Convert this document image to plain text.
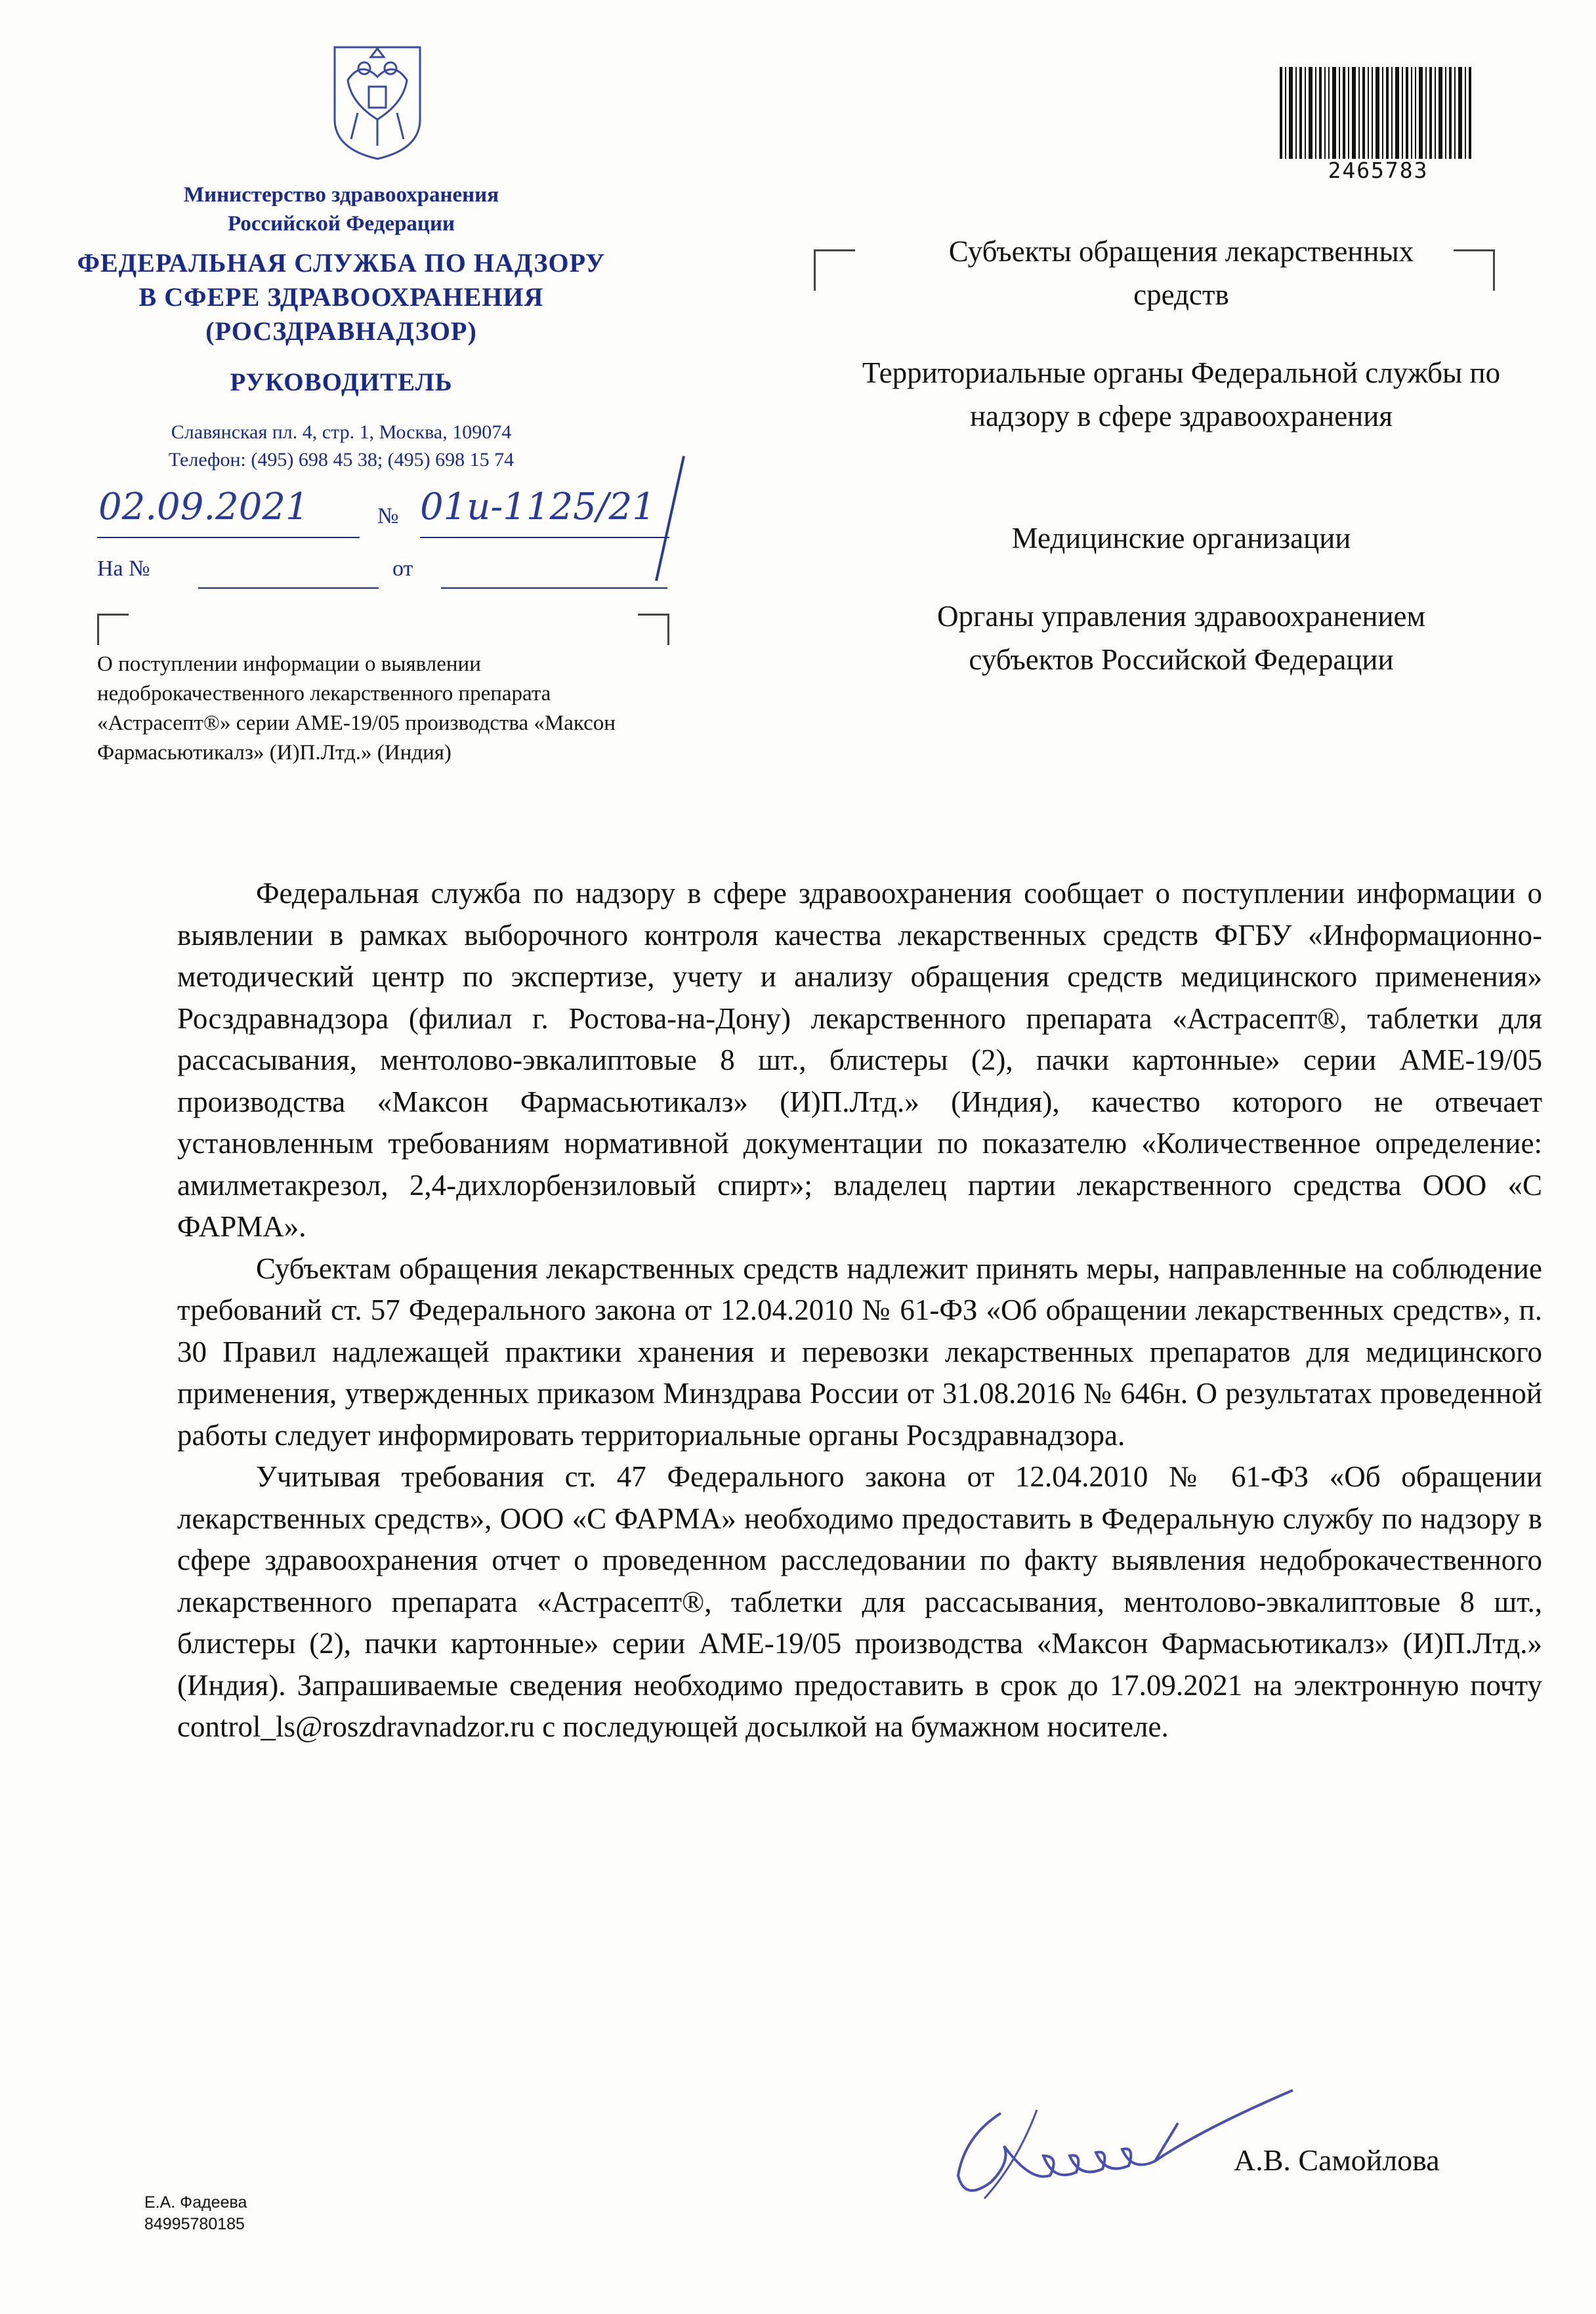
Министерство здравоохранения
Российской Федерации
ФЕДЕРАЛЬНАЯ СЛУЖБА ПО НАДЗОРУ
В СФЕРЕ ЗДРАВООХРАНЕНИЯ
(РОСЗДРАВНАДЗОР)
РУКОВОДИТЕЛЬ
Славянская пл. 4, стр. 1, Москва, 109074
Телефон: (495) 698 45 38; (495) 698 15 74
02.09.2021	№ 01и-1125/21
На №	от
О поступлении информации о выявлении недоброкачественного лекарственного препарата «Астрасепт®» серии AME-19/05 производства «Максон Фармасьютикалз» (И)П.Лтд.» (Индия)
2465783
Субъекты обращения лекарственных средств
Территориальные органы Федеральной службы по надзору в сфере здравоохранения
Медицинские организации
Органы управления здравоохранением субъектов Российской Федерации

Федеральная служба по надзору в сфере здравоохранения сообщает о поступлении информации о выявлении в рамках выборочного контроля качества лекарственных средств ФГБУ «Информационно-методический центр по экспертизе, учету и анализу обращения средств медицинского применения» Росздравнадзора (филиал г. Ростова-на-Дону) лекарственного препарата «Астрасепт®, таблетки для рассасывания, ментолово-эвкалиптовые 8 шт., блистеры (2), пачки картонные» серии AME-19/05 производства «Максон Фармасьютикалз» (И)П.Лтд.» (Индия), качество которого не отвечает установленным требованиям нормативной документации по показателю «Количественное определение: амилметакрезол, 2,4-дихлорбензиловый спирт»; владелец партии лекарственного средства ООО «С ФАРМА».

Субъектам обращения лекарственных средств надлежит принять меры, направленные на соблюдение требований ст. 57 Федерального закона от 12.04.2010 № 61-ФЗ «Об обращении лекарственных средств», п. 30 Правил надлежащей практики хранения и перевозки лекарственных препаратов для медицинского применения, утвержденных приказом Минздрава России от 31.08.2016 № 646н. О результатах проведенной работы следует информировать территориальные органы Росздравнадзора.

Учитывая требования ст. 47 Федерального закона от 12.04.2010 № 61-ФЗ «Об обращении лекарственных средств», ООО «С ФАРМА» необходимо предоставить в Федеральную службу по надзору в сфере здравоохранения отчет о проведенном расследовании по факту выявления недоброкачественного лекарственного препарата «Астрасепт®, таблетки для рассасывания, ментолово-эвкалиптовые 8 шт., блистеры (2), пачки картонные» серии AME-19/05 производства «Максон Фармасьютикалз» (И)П.Лтд.» (Индия). Запрашиваемые сведения необходимо предоставить в срок до 17.09.2021 на электронную почту control_ls@roszdravnadzor.ru с последующей досылкой на бумажном носителе.

А.В. Самойлова
Е.А. Фадеева
84995780185
